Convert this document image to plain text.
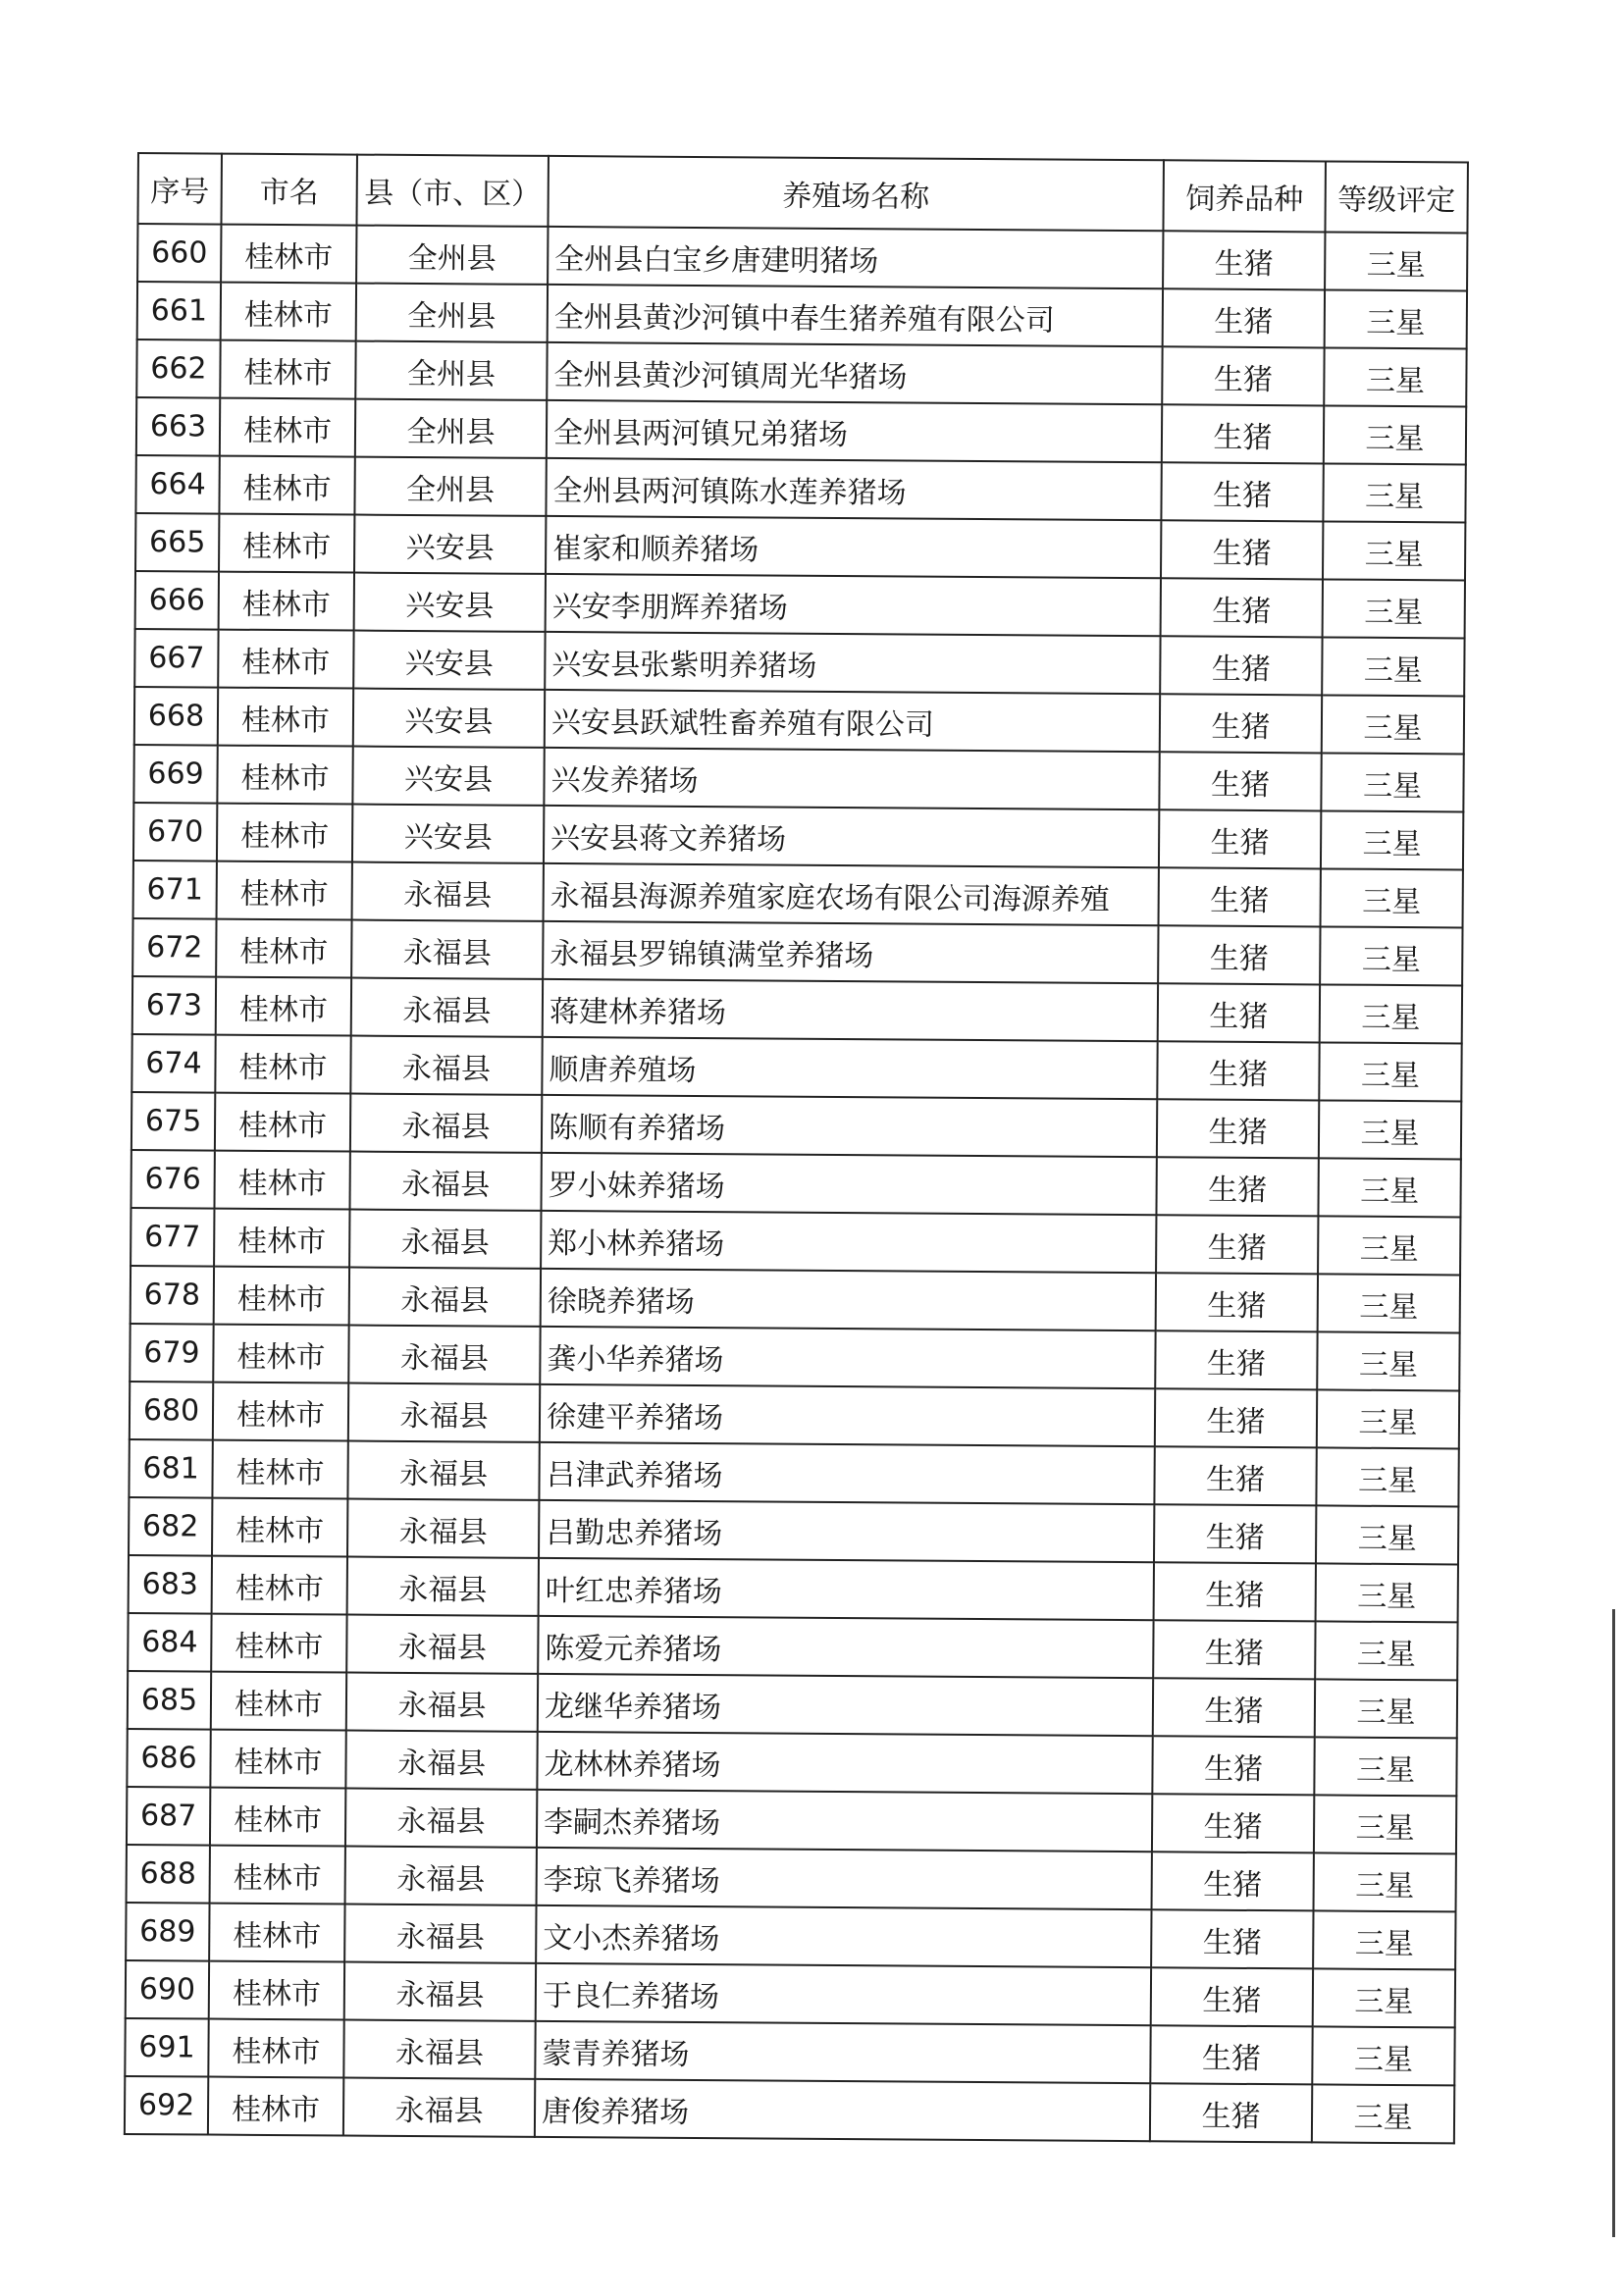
序号	市名	县（市、区）	养殖场名称	饲养品种	等级评定
660	桂林市	全州县	全州县白宝乡唐建明猪场	生猪	三星
661	桂林市	全州县	全州县黄沙河镇中春生猪养殖有限公司	生猪	三星
662	桂林市	全州县	全州县黄沙河镇周光华猪场	生猪	三星
663	桂林市	全州县	全州县两河镇兄弟猪场	生猪	三星
664	桂林市	全州县	全州县两河镇陈水莲养猪场	生猪	三星
665	桂林市	兴安县	崔家和顺养猪场	生猪	三星
666	桂林市	兴安县	兴安李朋辉养猪场	生猪	三星
667	桂林市	兴安县	兴安县张紫明养猪场	生猪	三星
668	桂林市	兴安县	兴安县跃斌牲畜养殖有限公司	生猪	三星
669	桂林市	兴安县	兴发养猪场	生猪	三星
670	桂林市	兴安县	兴安县蒋文养猪场	生猪	三星
671	桂林市	永福县	永福县海源养殖家庭农场有限公司海源养殖	生猪	三星
672	桂林市	永福县	永福县罗锦镇满堂养猪场	生猪	三星
673	桂林市	永福县	蒋建林养猪场	生猪	三星
674	桂林市	永福县	顺唐养殖场	生猪	三星
675	桂林市	永福县	陈顺有养猪场	生猪	三星
676	桂林市	永福县	罗小妹养猪场	生猪	三星
677	桂林市	永福县	郑小林养猪场	生猪	三星
678	桂林市	永福县	徐晓养猪场	生猪	三星
679	桂林市	永福县	龚小华养猪场	生猪	三星
680	桂林市	永福县	徐建平养猪场	生猪	三星
681	桂林市	永福县	吕津武养猪场	生猪	三星
682	桂林市	永福县	吕勤忠养猪场	生猪	三星
683	桂林市	永福县	叶红忠养猪场	生猪	三星
684	桂林市	永福县	陈爱元养猪场	生猪	三星
685	桂林市	永福县	龙继华养猪场	生猪	三星
686	桂林市	永福县	龙林林养猪场	生猪	三星
687	桂林市	永福县	李嗣杰养猪场	生猪	三星
688	桂林市	永福县	李琼飞养猪场	生猪	三星
689	桂林市	永福县	文小杰养猪场	生猪	三星
690	桂林市	永福县	于良仁养猪场	生猪	三星
691	桂林市	永福县	蒙青养猪场	生猪	三星
692	桂林市	永福县	唐俊养猪场	生猪	三星
